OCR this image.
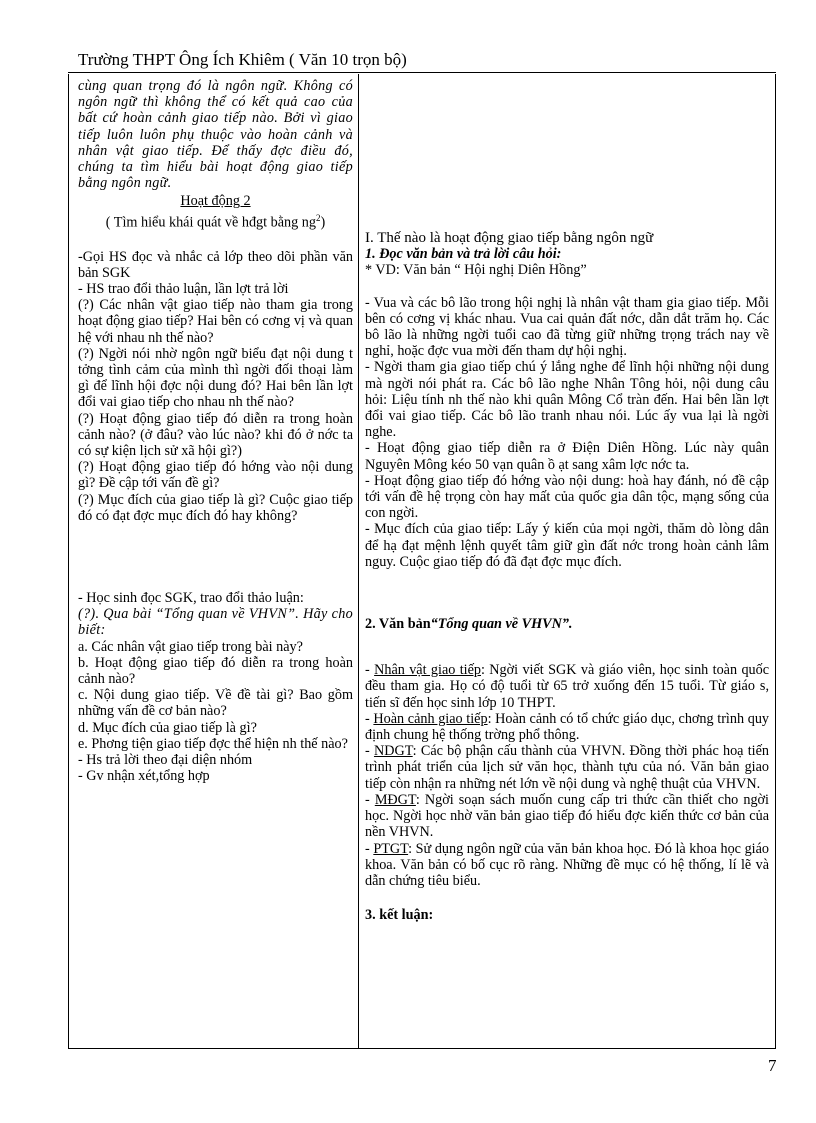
Trường THPT Ông Ích Khiêm ( Văn 10 trọn bộ)

cùng quan trọng đó là ngôn ngữ. Không có ngôn ngữ thì không thể có kết quả cao của bất cứ hoàn cảnh giao tiếp nào. Bởi vì giao tiếp luôn luôn phụ thuộc vào hoàn cảnh và nhân vật giao tiếp. Để thấy đợc điều đó, chúng ta tìm hiểu bài hoạt động giao tiếp bằng ngôn ngữ.

Hoạt động 2

( Tìm hiểu khái quát về hđgt bằng $ng^2$)

-Gọi HS đọc và nhắc cả lớp theo dõi phần văn bản SGK

- HS trao đổi thảo luận, lần lợt trả lời

(?) Các nhân vật giao tiếp nào tham gia trong hoạt động giao tiếp? Hai bên có cơng vị và quan hệ với nhau nh thế nào?

(?) Ngời nói nhờ ngôn ngữ biểu đạt nội dung t tởng tình cảm của mình thì ngời đối thoại làm gì để lĩnh hội đợc nội dung đó? Hai bên lần lợt đổi vai giao tiếp cho nhau nh thế nào?

(?) Hoạt động giao tiếp đó diễn ra trong hoàn cảnh nào? (ở đâu? vào lúc nào? khi đó ở nớc ta có sự kiện lịch sử xã hội gì?)

(?) Hoạt động giao tiếp đó hớng vào nội dung gì? Đề cập tới vấn đề gì?

(?) Mục đích của giao tiếp là gì? Cuộc giao tiếp đó có đạt đợc mục đích đó hay không?

- Học sinh đọc SGK, trao đổi thảo luận:

(?). Qua bài “Tổng quan về VHVN”. Hãy cho biết:

a. Các nhân vật giao tiếp trong bài này?

b. Hoạt động giao tiếp đó diễn ra trong hoàn cảnh nào?

c. Nội dung giao tiếp. Về đề tài gì? Bao gồm những vấn đề cơ bản nào?

d. Mục đích của giao tiếp là gì?

e. Phơng tiện giao tiếp đợc thể hiện nh thế nào?

- Hs trả lời theo đại diện nhóm

- Gv nhận xét,tổng hợp

I. Thế nào là hoạt động giao tiếp bằng ngôn ngữ

1. Đọc văn bản và trả lời câu hỏi:

* VD: Văn bản “ Hội nghị Diên Hồng”

- Vua và các bô lão trong hội nghị là nhân vật tham gia giao tiếp. Mỗi bên có cơng vị khác nhau. Vua cai quản đất nớc, dẫn dắt trăm họ. Các bô lão là những ngời tuổi cao đã từng giữ những trọng trách nay về nghỉ, hoặc đợc vua mời đến tham dự hội nghị.

- Ngời tham gia giao tiếp chú ý lắng nghe để lĩnh hội những nội dung mà ngời nói phát ra. Các bô lão nghe Nhân Tông hỏi, nội dung câu hỏi: Liệu tính nh thế nào khi quân Mông Cổ tràn đến. Hai bên lần lợt đổi vai giao tiếp. Các bô lão tranh nhau nói. Lúc ấy vua lại là ngời nghe.

- Hoạt động giao tiếp diễn ra ở Điện Diên Hồng. Lúc này quân Nguyên Mông kéo 50 vạn quân ồ ạt sang xâm lợc nớc ta.

- Hoạt động giao tiếp đó hớng vào nội dung: hoà hay đánh, nó đề cập tới vấn đề hệ trọng còn hay mất của quốc gia dân tộc, mạng sống của con ngời.

- Mục đích của giao tiếp: Lấy ý kiến của mọi ngời, thăm dò lòng dân để hạ đạt mệnh lệnh quyết tâm giữ gìn đất nớc trong hoàn cảnh lâm nguy. Cuộc giao tiếp đó đã đạt đợc mục đích.

2. Văn bản“Tổng quan về VHVN”.

- Nhân vật giao tiếp: Ngời viết SGK và giáo viên, học sinh toàn quốc đều tham gia. Họ có độ tuổi từ 65 trở xuống đến 15 tuổi. Từ giáo s, tiến sĩ đến học sinh lớp 10 THPT.

- Hoàn cảnh giao tiếp: Hoàn cảnh có tổ chức giáo dục, chơng trình quy định chung hệ thống trờng phổ thông.

- NDGT: Các bộ phận cấu thành của VHVN. Đồng thời phác hoạ tiến trình phát triển của lịch sử văn học, thành tựu của nó. Văn bản giao tiếp còn nhận ra những nét lớn về nội dung và nghệ thuật của VHVN.

- MĐGT: Ngời soạn sách muốn cung cấp tri thức cần thiết cho ngời học. Ngời học nhờ văn bản giao tiếp đó hiểu đợc kiến thức cơ bản của nền VHVN.

- PTGT: Sử dụng ngôn ngữ của văn bản khoa học. Đó là khoa học giáo khoa. Văn bản có bố cục rõ ràng. Những đề mục có hệ thống, lí lẽ và dẫn chứng tiêu biểu.

3. kết luận:

7
